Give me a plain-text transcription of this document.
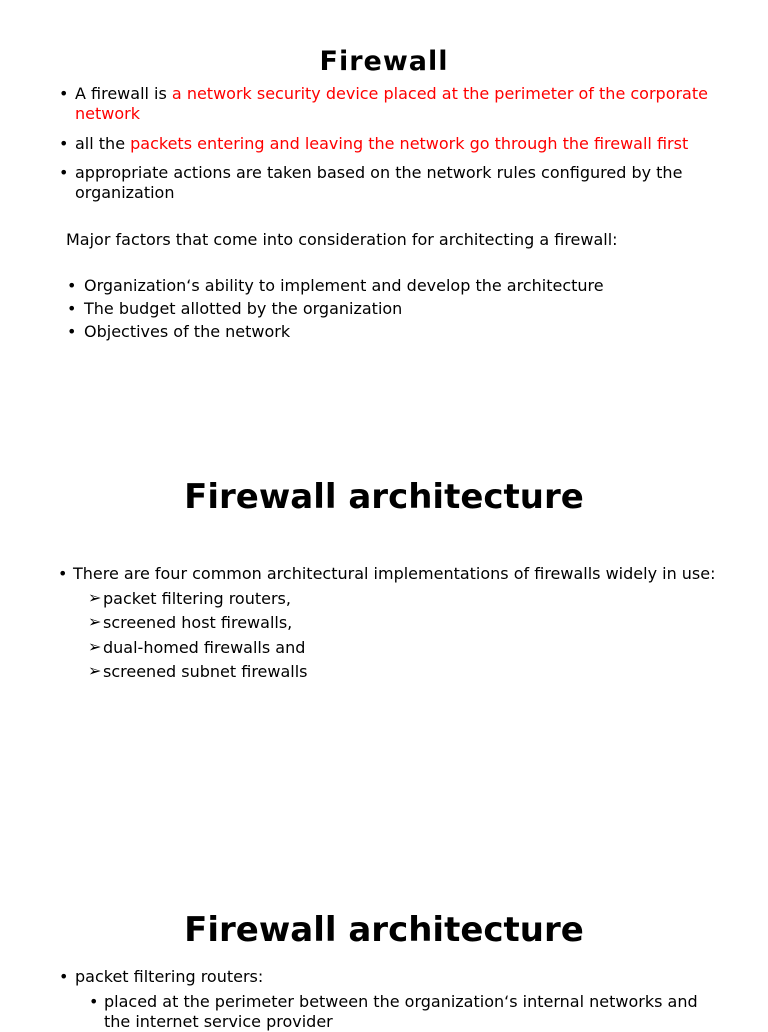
Firewall
• A firewall is a network security device placed at the perimeter of the corporate network
• all the packets entering and leaving the network go through the firewall first
• appropriate actions are taken based on the network rules configured by the organization
Major factors that come into consideration for architecting a firewall:
• Organization‘s ability to implement and develop the architecture
• The budget allotted by the organization
• Objectives of the network
Firewall architecture
• There are four common architectural implementations of firewalls widely in use:
➢ packet filtering routers,
➢ screened host firewalls,
➢ dual-homed firewalls and
➢ screened subnet firewalls
Firewall architecture
• packet filtering routers:
• placed at the perimeter between the organization‘s internal networks and the internet service provider
